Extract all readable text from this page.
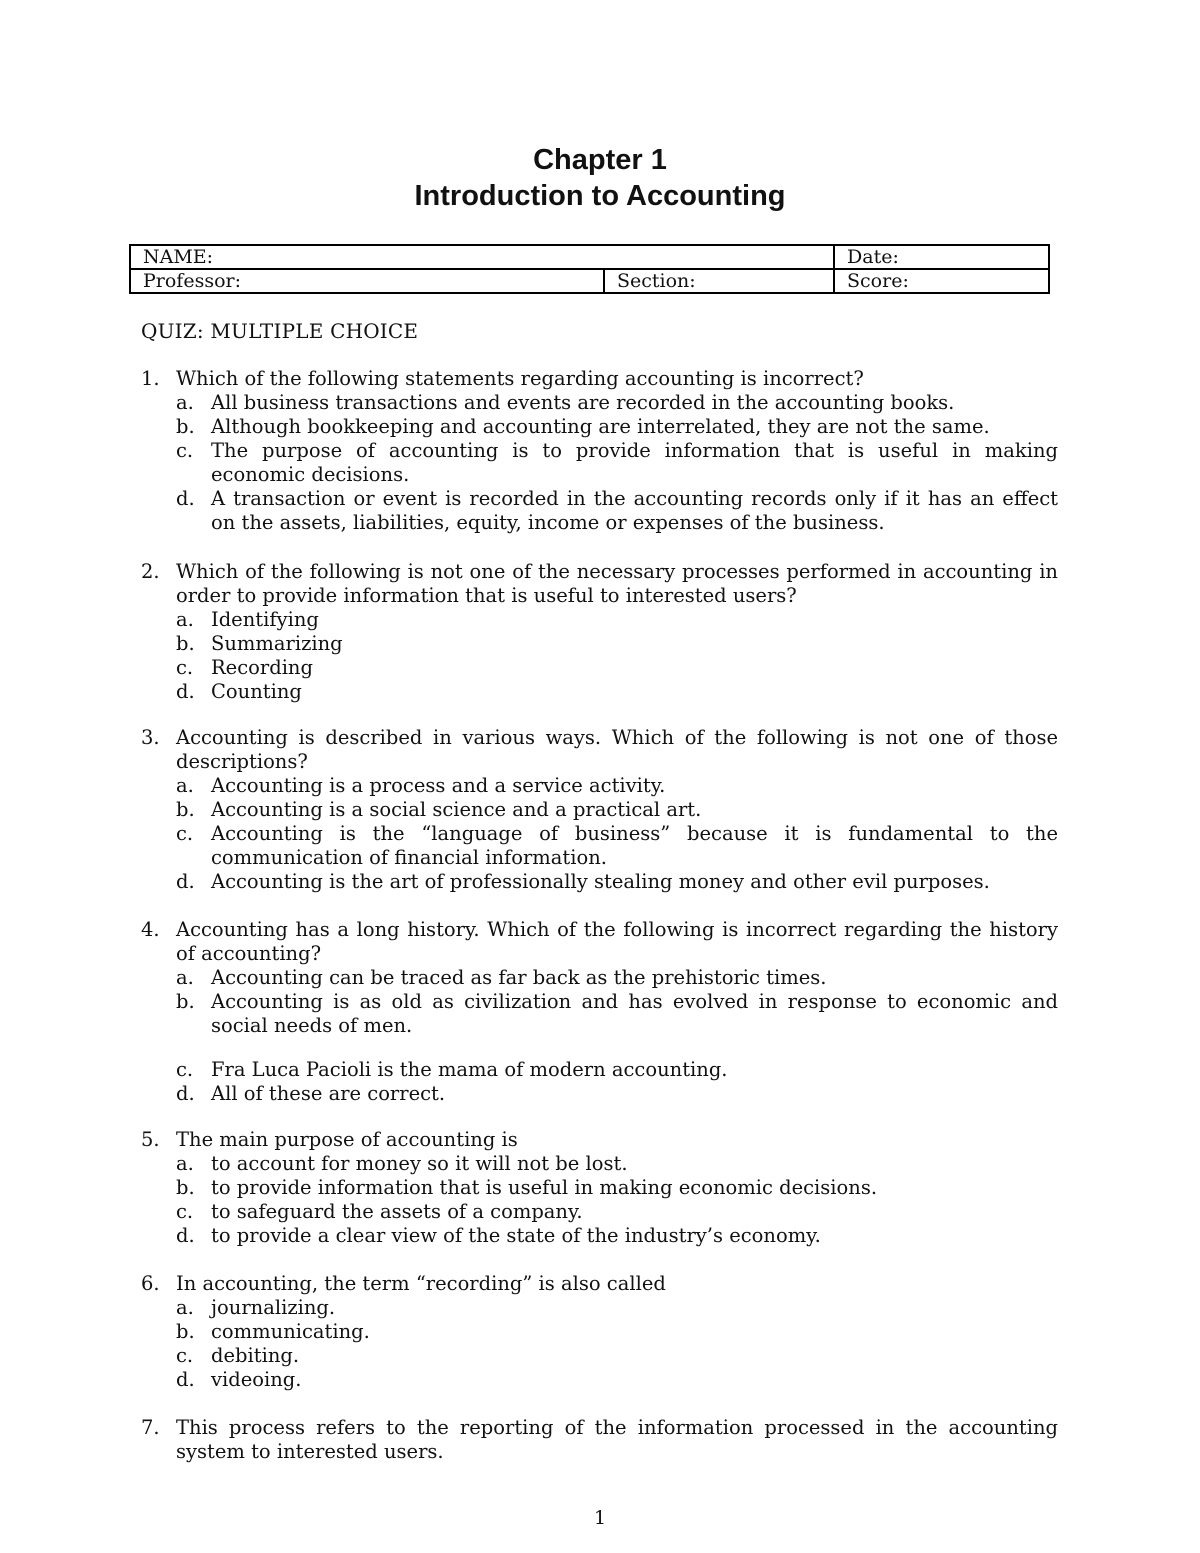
Chapter 1
Introduction to Accounting
NAME:		Date:
Professor:	Section:	Score:
QUIZ: MULTIPLE CHOICE
1. Which of the following statements regarding accounting is incorrect?
a. All business transactions and events are recorded in the accounting books.
b. Although bookkeeping and accounting are interrelated, they are not the same.
c. The purpose of accounting is to provide information that is useful in making economic decisions.
d. A transaction or event is recorded in the accounting records only if it has an effect on the assets, liabilities, equity, income or expenses of the business.
2. Which of the following is not one of the necessary processes performed in accounting in order to provide information that is useful to interested users?
a. Identifying
b. Summarizing
c. Recording
d. Counting
3. Accounting is described in various ways. Which of the following is not one of those descriptions?
a. Accounting is a process and a service activity.
b. Accounting is a social science and a practical art.
c. Accounting is the “language of business” because it is fundamental to the communication of financial information.
d. Accounting is the art of professionally stealing money and other evil purposes.
4. Accounting has a long history. Which of the following is incorrect regarding the history of accounting?
a. Accounting can be traced as far back as the prehistoric times.
b. Accounting is as old as civilization and has evolved in response to economic and social needs of men.
c. Fra Luca Pacioli is the mama of modern accounting.
d. All of these are correct.
5. The main purpose of accounting is
a. to account for money so it will not be lost.
b. to provide information that is useful in making economic decisions.
c. to safeguard the assets of a company.
d. to provide a clear view of the state of the industry’s economy.
6. In accounting, the term “recording” is also called
a. journalizing.
b. communicating.
c. debiting.
d. videoing.
7. This process refers to the reporting of the information processed in the accounting system to interested users.
1
